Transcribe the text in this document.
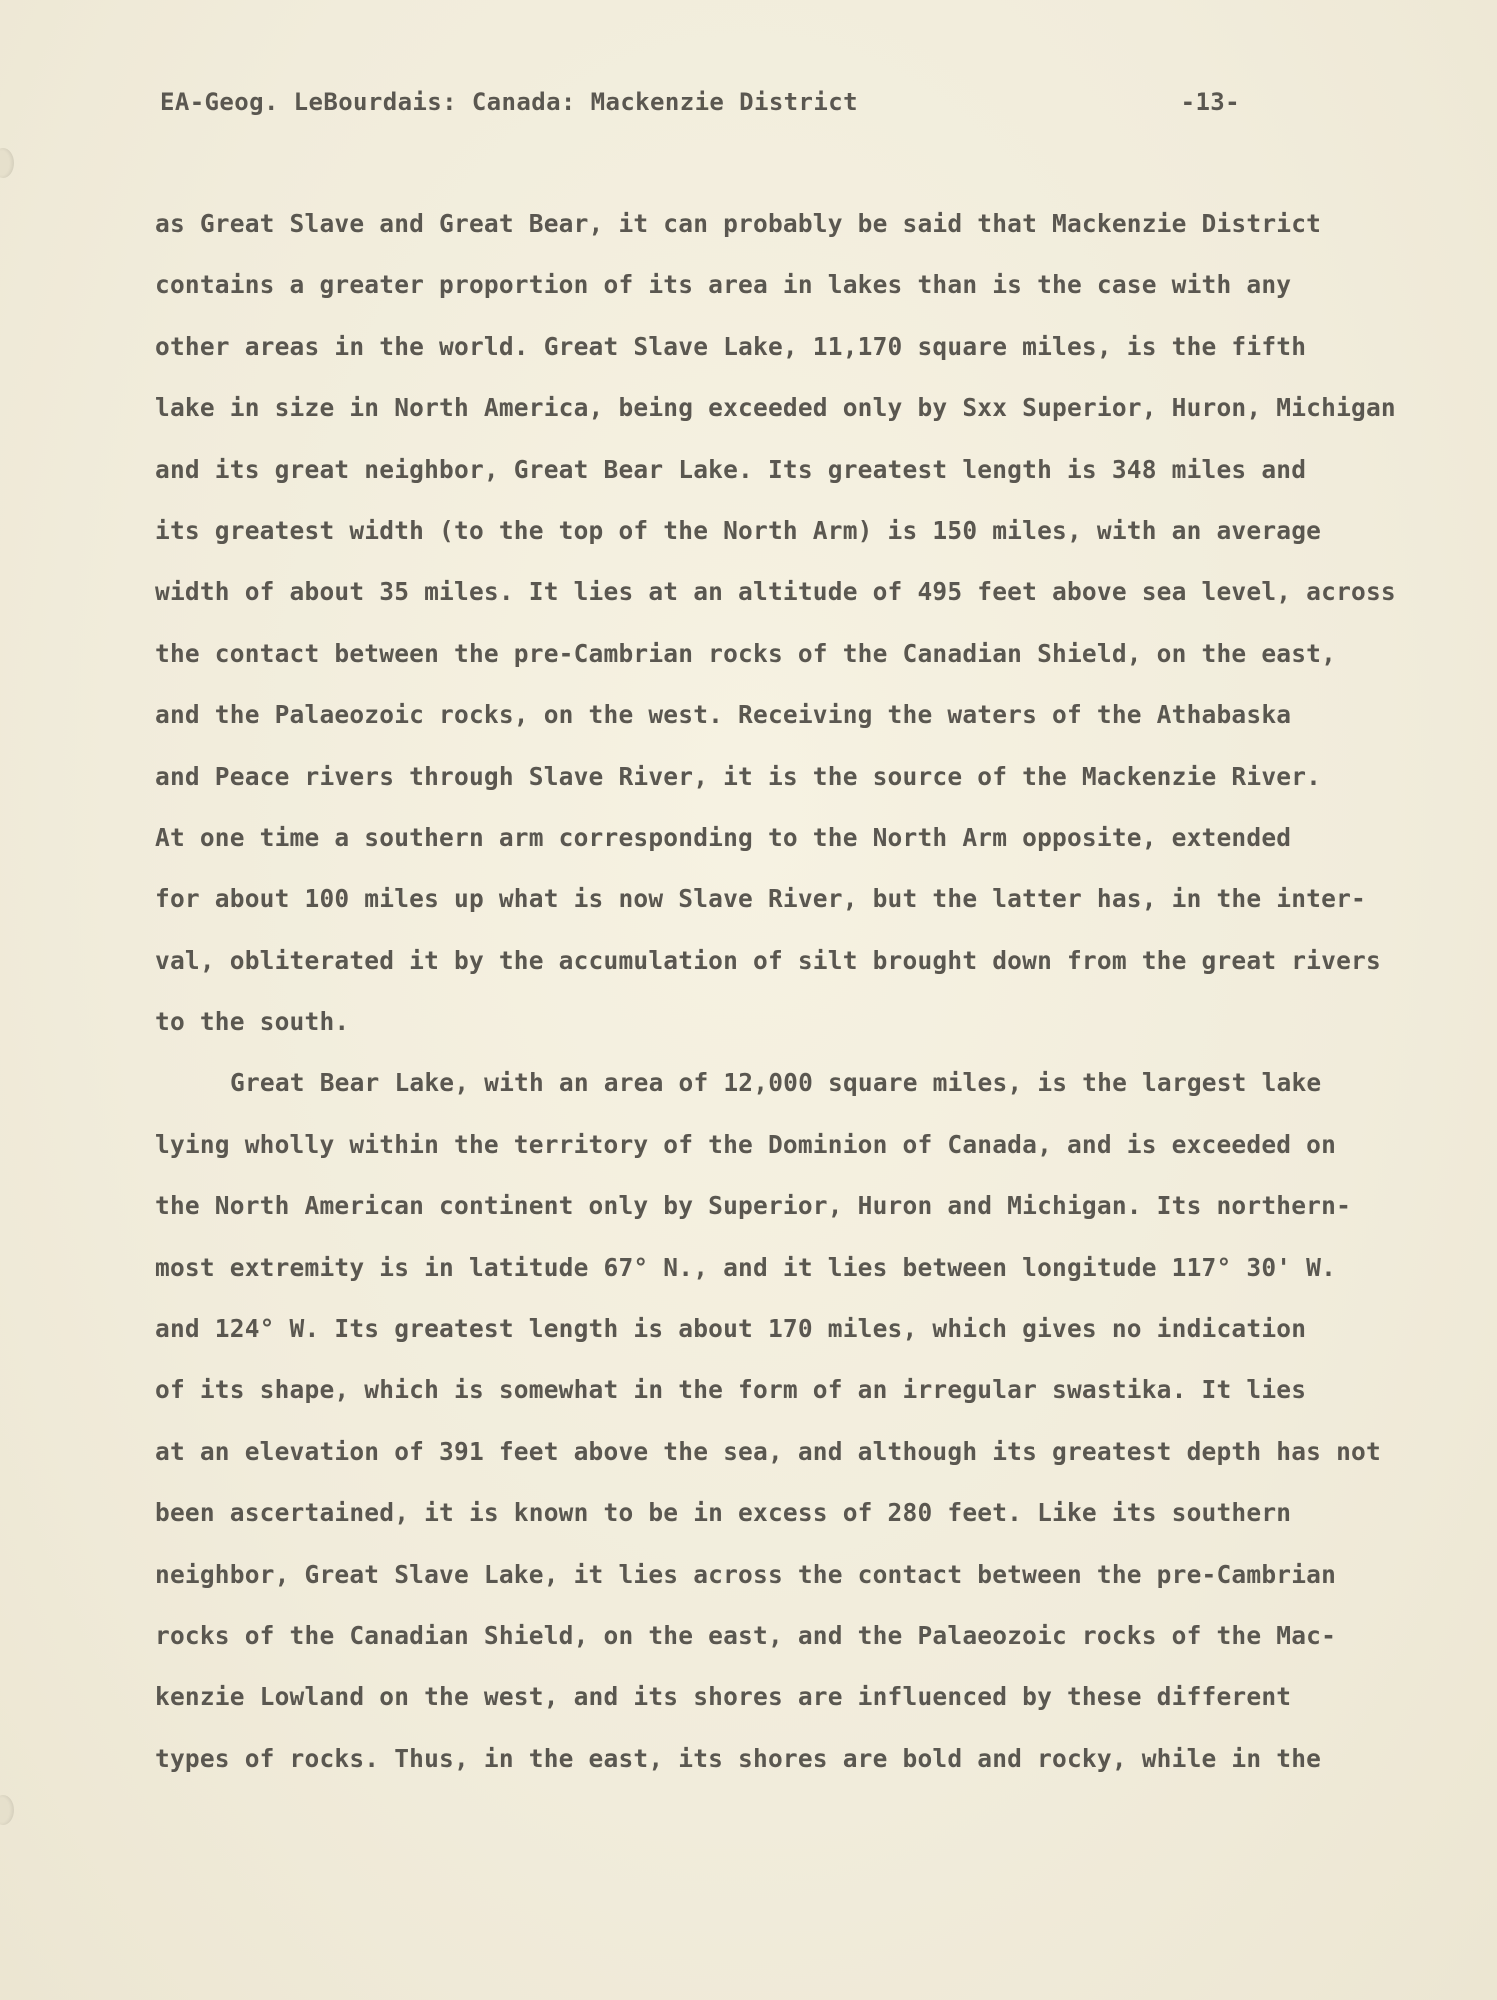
EA-Geog. LeBourdais: Canada: Mackenzie District	-13-
as Great Slave and Great Bear, it can probably be said that Mackenzie District
contains a greater proportion of its area in lakes than is the case with any
other areas in the world. Great Slave Lake, 11,170 square miles, is the fifth
lake in size in North America, being exceeded only by Sxx Superior, Huron, Michigan
and its great neighbor, Great Bear Lake. Its greatest length is 348 miles and
its greatest width (to the top of the North Arm) is 150 miles, with an average
width of about 35 miles. It lies at an altitude of 495 feet above sea level, across
the contact between the pre-Cambrian rocks of the Canadian Shield, on the east,
and the Palaeozoic rocks, on the west. Receiving the waters of the Athabaska
and Peace rivers through Slave River, it is the source of the Mackenzie River.
At one time a southern arm corresponding to the North Arm opposite, extended
for about 100 miles up what is now Slave River, but the latter has, in the inter-
val, obliterated it by the accumulation of silt brought down from the great rivers
to the south.
Great Bear Lake, with an area of 12,000 square miles, is the largest lake
lying wholly within the territory of the Dominion of Canada, and is exceeded on
the North American continent only by Superior, Huron and Michigan. Its northern-
most extremity is in latitude 67° N., and it lies between longitude 117° 30' W.
and 124° W. Its greatest length is about 170 miles, which gives no indication
of its shape, which is somewhat in the form of an irregular swastika. It lies
at an elevation of 391 feet above the sea, and although its greatest depth has not
been ascertained, it is known to be in excess of 280 feet. Like its southern
neighbor, Great Slave Lake, it lies across the contact between the pre-Cambrian
rocks of the Canadian Shield, on the east, and the Palaeozoic rocks of the Mac-
kenzie Lowland on the west, and its shores are influenced by these different
types of rocks. Thus, in the east, its shores are bold and rocky, while in the
